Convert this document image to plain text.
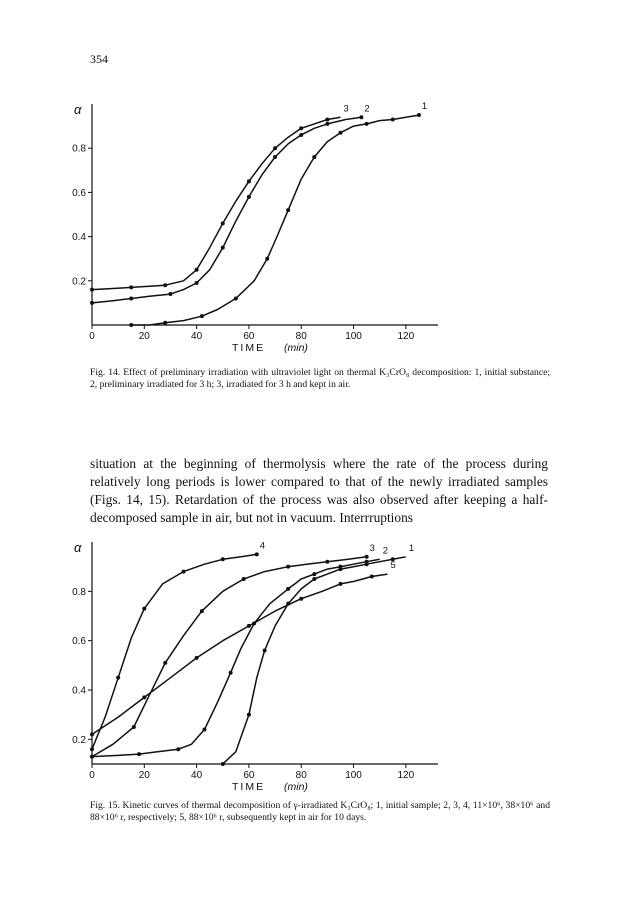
354
0	20	40	60	80	100	120
0.2
0.4
0.6
0.8
α
TIME (min)
1
2
3
Fig. 14. Effect of preliminary irradiation with ultraviolet light on thermal K₃CrO₈ decomposition: 1, initial substance; 2, preliminary irradiated for 3 h; 3, irradiated for 3 h and kept in air.
situation at the beginning of thermolysis where the rate of the process during relatively long periods is lower compared to that of the newly irradiated samples (Figs. 14, 15). Retardation of the process was also observed after keeping a half-decomposed sample in air, but not in vacuum. Interrruptions
0	20	40	60	80	100	120
0.2
0.4
0.6
0.8
α
TIME (min)
1
2
3
4
5
Fig. 15. Kinetic curves of thermal decomposition of γ-irradiated K₃CrO₈; 1, initial sample; 2, 3, 4, 11×10⁶, 38×10⁶ and 88×10⁶ r, respectively; 5, 88×10⁶ r, subsequently kept in air for 10 days.
